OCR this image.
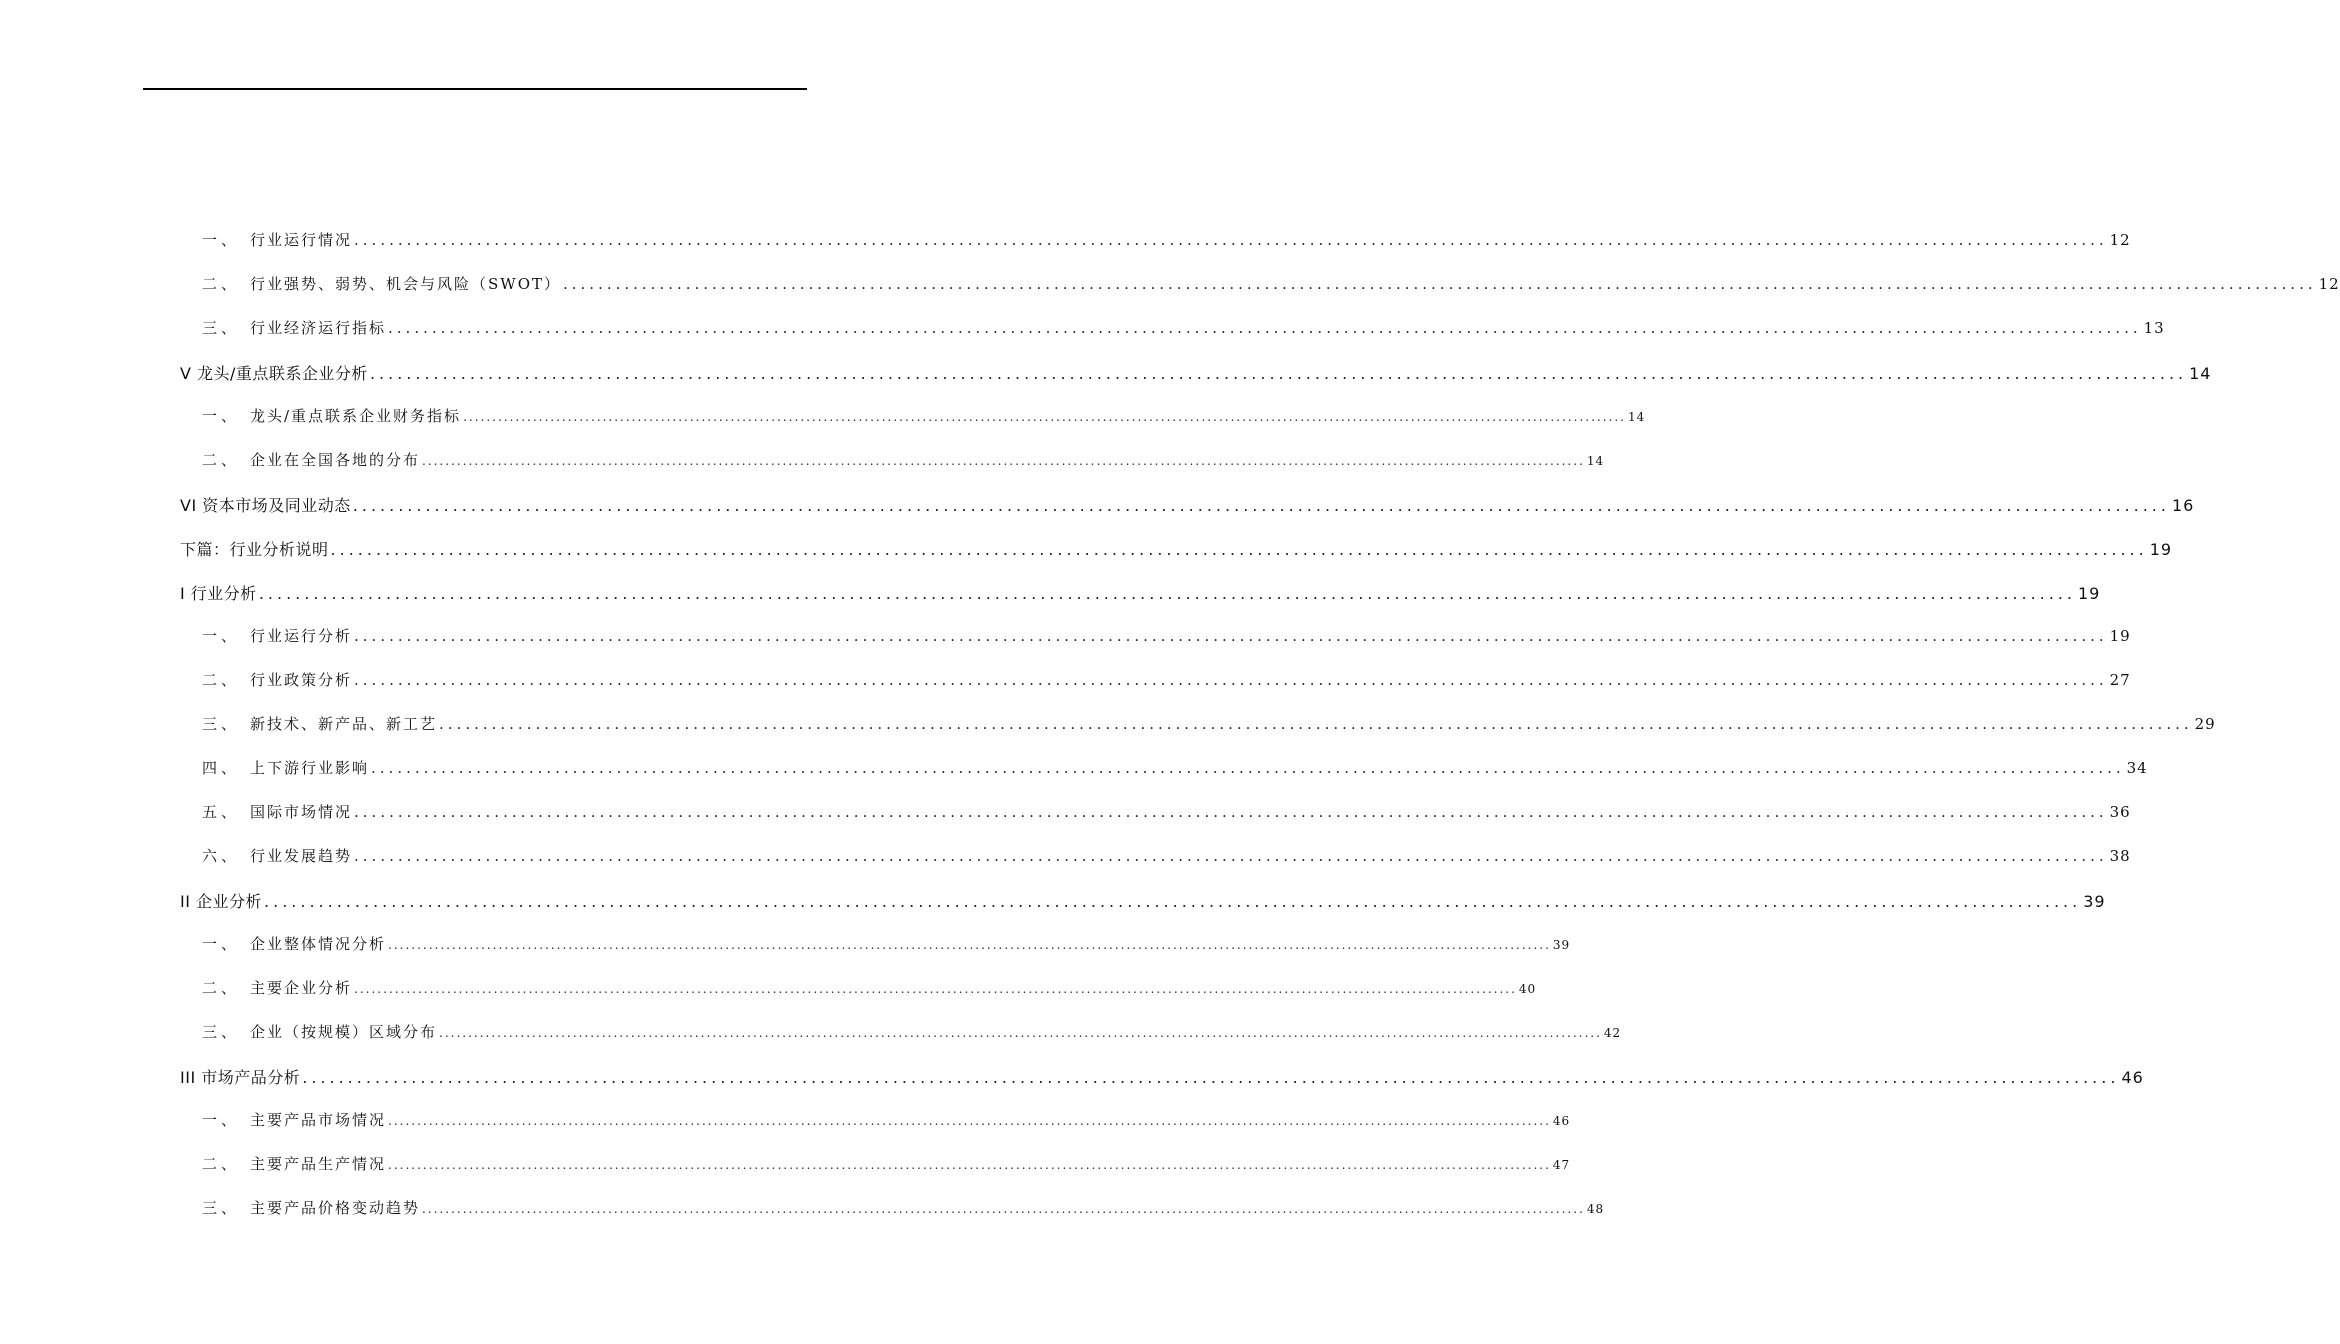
一、 行业运行情况 ........................................................................................................................................................................................................ 12
二、 行业强势、弱势、机会与风险（SWOT） ........................................................................................................................................................................................................ 12
三、 行业经济运行指标 ........................................................................................................................................................................................................ 13
V 龙头/重点联系企业分析 ........................................................................................................................................................................................................ 14
一、 龙头/重点联系企业财务指标 ........................................................................................................................................................................................................ 14
二、 企业在全国各地的分布 ........................................................................................................................................................................................................ 14
VI 资本市场及同业动态 ........................................................................................................................................................................................................ 16
下篇：行业分析说明 ........................................................................................................................................................................................................ 19
I 行业分析 ........................................................................................................................................................................................................ 19
一、 行业运行分析 ........................................................................................................................................................................................................ 19
二、 行业政策分析 ........................................................................................................................................................................................................ 27
三、 新技术、新产品、新工艺 ........................................................................................................................................................................................................ 29
四、 上下游行业影响 ........................................................................................................................................................................................................ 34
五、 国际市场情况 ........................................................................................................................................................................................................ 36
六、 行业发展趋势 ........................................................................................................................................................................................................ 38
II 企业分析 ........................................................................................................................................................................................................ 39
一、 企业整体情况分析 ........................................................................................................................................................................................................ 39
二、 主要企业分析 ........................................................................................................................................................................................................ 40
三、 企业（按规模）区域分布 ........................................................................................................................................................................................................ 42
III 市场产品分析 ........................................................................................................................................................................................................ 46
一、 主要产品市场情况 ........................................................................................................................................................................................................ 46
二、 主要产品生产情况 ........................................................................................................................................................................................................ 47
三、 主要产品价格变动趋势 ........................................................................................................................................................................................................ 48
